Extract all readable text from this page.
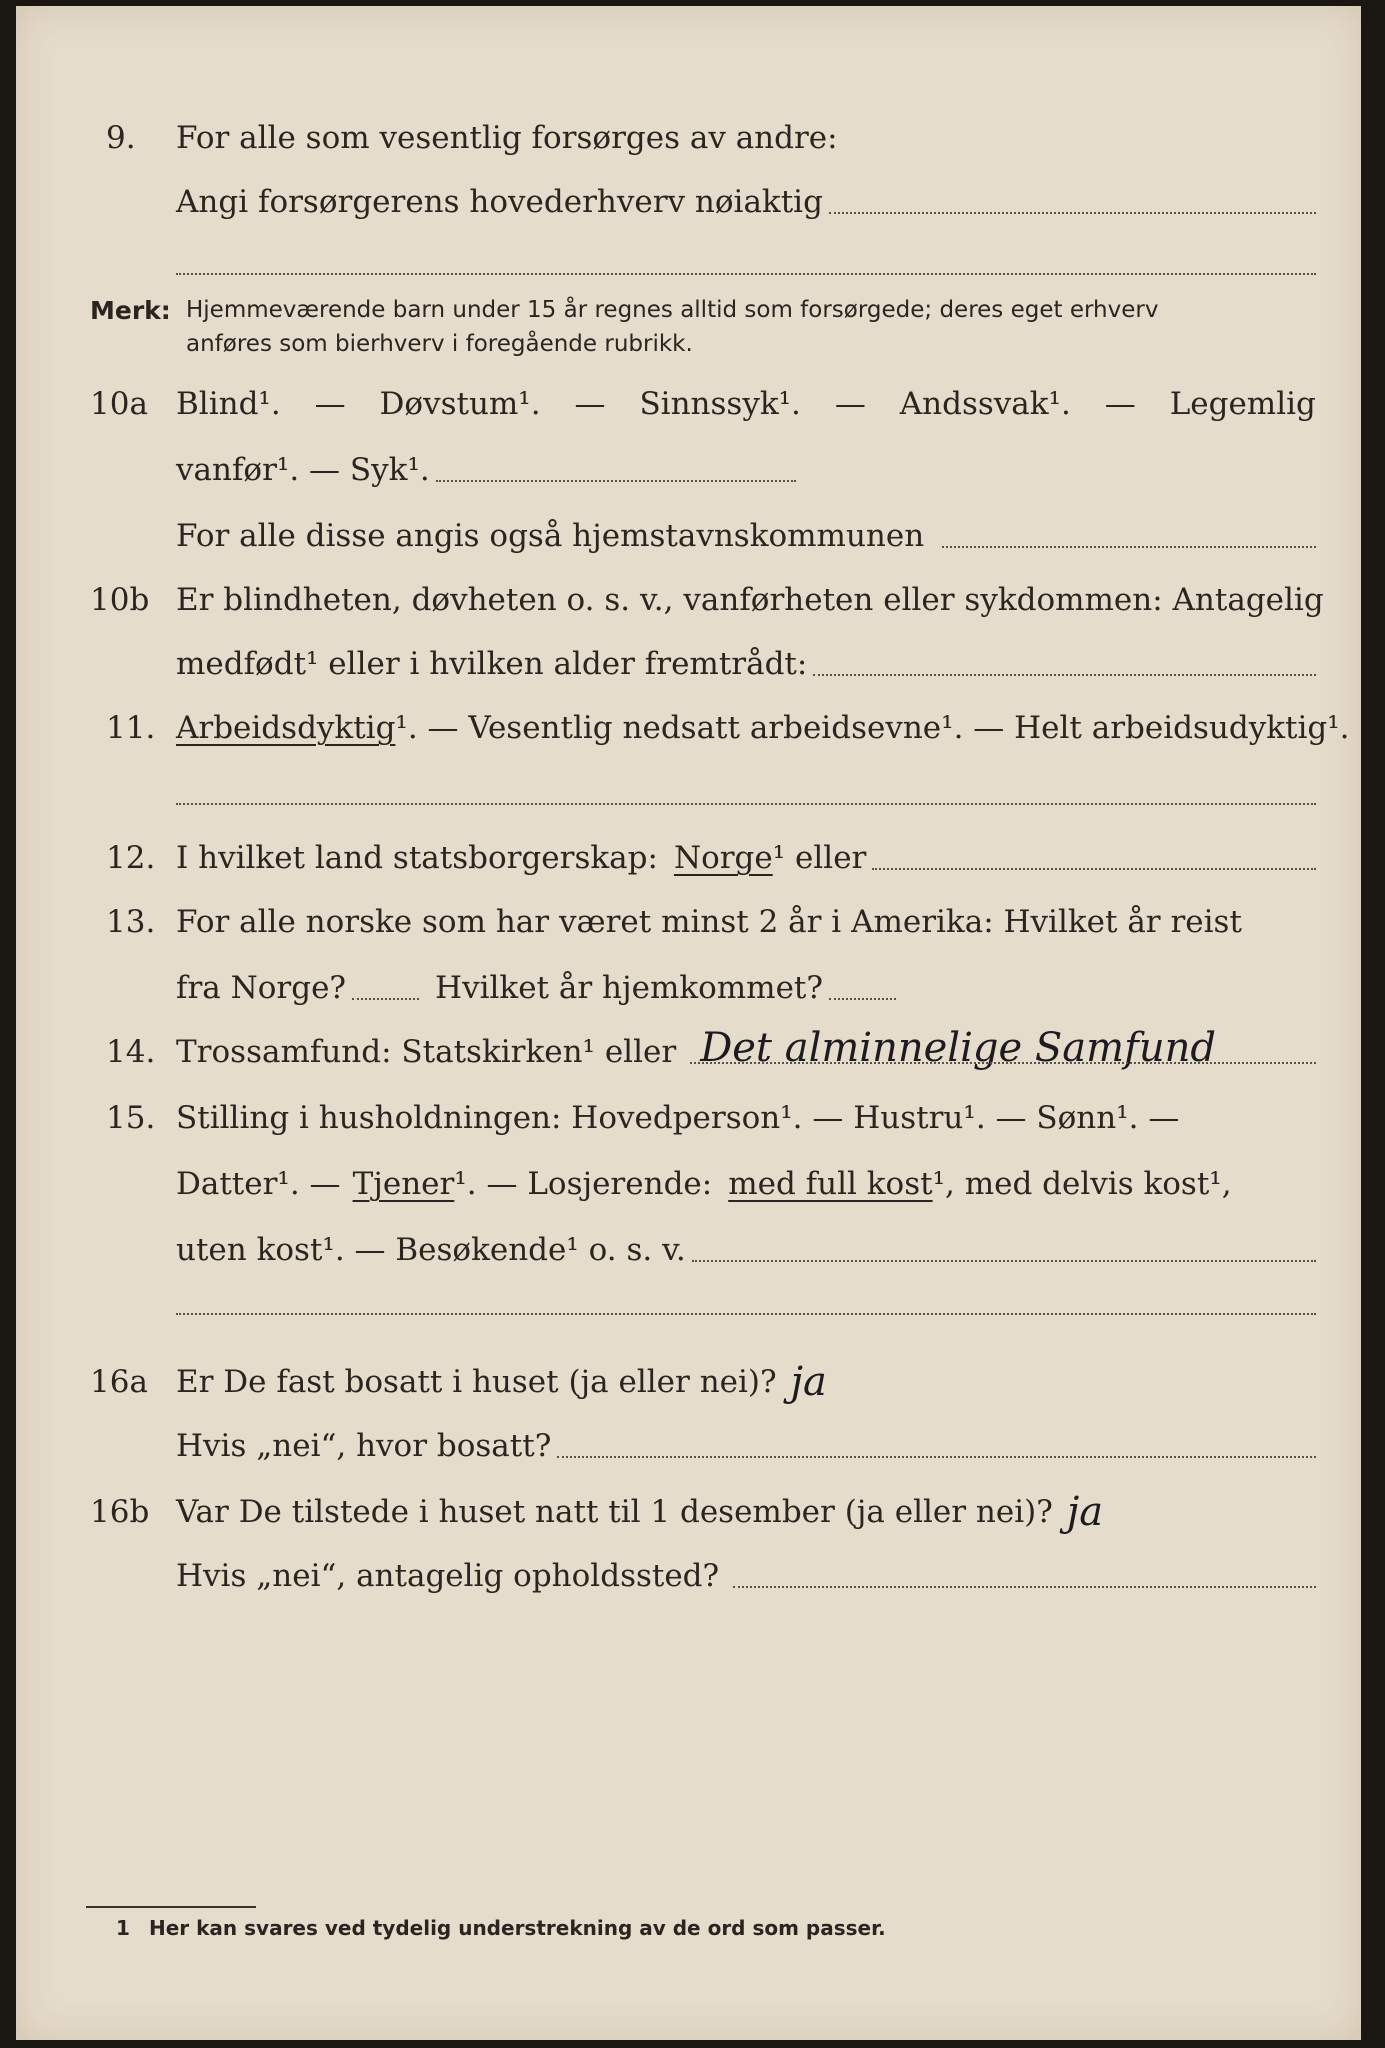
9. For alle som vesentlig forsørges av andre:
Angi forsørgerens hovederhverv nøiaktig
Merk: Hjemmeværende barn under 15 år regnes alltid som forsørgede; deres eget erhverv
anføres som bierhverv i foregående rubrikk.
10a Blind¹. — Døvstum¹. — Sinnssyk¹. — Andssvak¹. — Legemlig
vanfør¹. — Syk¹.
For alle disse angis også hjemstavnskommunen
10b Er blindheten, døvheten o. s. v., vanførheten eller sykdommen: Antagelig
medfødt¹ eller i hvilken alder fremtrådt:
11. Arbeidsdyktig ¹. — Vesentlig nedsatt arbeidsevne¹. — Helt arbeidsudyktig¹.
12. I hvilket land statsborgerskap: Norge ¹ eller
13. For alle norske som har været minst 2 år i Amerika: Hvilket år reist
fra Norge?	Hvilket år hjemkommet?
14. Trossamfund: Statskirken¹ eller Det alminnelige Samfund
15. Stilling i husholdningen: Hovedperson¹. — Hustru¹. — Sønn¹. —
Datter¹. — Tjener ¹. — Losjerende: med full kost ¹, med delvis kost¹,
uten kost¹. — Besøkende¹ o. s. v.
16a Er De fast bosatt i huset (ja eller nei)? ja
Hvis „nei“, hvor bosatt?
16b Var De tilstede i huset natt til 1 desember (ja eller nei)? ja
Hvis „nei“, antagelig opholdssted?
1 Her kan svares ved tydelig understrekning av de ord som passer.
